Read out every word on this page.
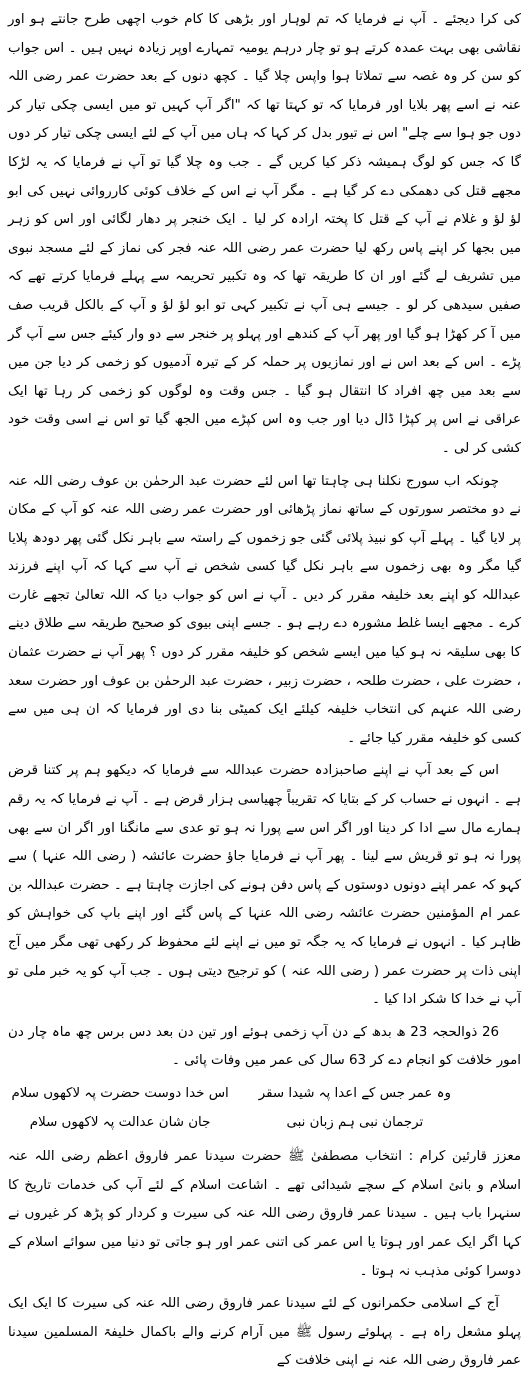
کی کرا دیجئے ۔ آپ نے فرمایا کہ تم لوہار اور بڑھی کا کام خوب اچھی طرح جانتے ہو اور نقاشی بھی بہت عمدہ کرتے ہو تو چار درہم یومیہ تمہارے اوپر زیادہ نہیں ہیں ۔ اس جواب کو سن کر وہ غصہ سے تملاتا ہوا واپس چلا گیا ۔ کچھ دنوں کے بعد حضرت عمر رضی اللہ عنہ نے اسے پھر بلایا اور فرمایا کہ تو کہتا تھا کہ "اگر آپ کہیں تو میں ایسی چکی تیار کر دوں جو ہوا سے چلے" اس نے تیور بدل کر کہا کہ ہاں میں آپ کے لئے ایسی چکی تیار کر دوں گا کہ جس کو لوگ ہمیشہ ذکر کیا کریں گے ۔ جب وہ چلا گیا تو آپ نے فرمایا کہ یہ لڑکا مجھے قتل کی دھمکی دے کر گیا ہے ۔ مگر آپ نے اس کے خلاف کوئی کارروائی نہیں کی ابو لؤ لؤ و غلام نے آپ کے قتل کا پختہ ارادہ کر لیا ۔ ایک خنجر پر دھار لگائی اور اس کو زہر میں بجھا کر اپنے پاس رکھ لیا حضرت عمر رضی اللہ عنہ فجر کی نماز کے لئے مسجد نبوی میں تشریف لے گئے اور ان کا طریقہ تھا کہ وہ تکبیر تحریمہ سے پہلے فرمایا کرتے تھے کہ صفیں سیدھی کر لو ۔ جیسے ہی آپ نے تکبیر کہی تو ابو لؤ لؤ و آپ کے بالکل قریب صف میں آ کر کھڑا ہو گیا اور پھر آپ کے کندھے اور پہلو پر خنجر سے دو وار کیئے جس سے آپ گر پڑے ۔ اس کے بعد اس نے اور نمازیوں پر حملہ کر کے تیرہ آدمیوں کو زخمی کر دیا جن میں سے بعد میں چھ افراد کا انتقال ہو گیا ۔ جس وقت وہ لوگوں کو زخمی کر رہا تھا ایک عراقی نے اس پر کپڑا ڈال دیا اور جب وہ اس کپڑے میں الجھ گیا تو اس نے اسی وقت خود کشی کر لی ۔

چونکہ اب سورج نکلنا ہی چاہتا تھا اس لئے حضرت عبد الرحمٰن بن عوف رضی اللہ عنہ نے دو مختصر سورتوں کے ساتھ نماز پڑھائی اور حضرت عمر رضی اللہ عنہ کو آپ کے مکان پر لایا گیا ۔ پہلے آپ کو نبیذ پلائی گئی جو زخموں کے راستہ سے باہر نکل گئی پھر دودھ پلایا گیا مگر وہ بھی زخموں سے باہر نکل گیا کسی شخص نے آپ سے کہا کہ آپ اپنے فرزند عبداللہ کو اپنے بعد خلیفہ مقرر کر دیں ۔ آپ نے اس کو جواب دیا کہ اللہ تعالیٰ تجھے غارت کرے ۔ مجھے ایسا غلط مشورہ دے رہے ہو ۔ جسے اپنی بیوی کو صحیح طریقہ سے طلاق دینے کا بھی سلیقہ نہ ہو کیا میں ایسے شخص کو خلیفہ مقرر کر دوں ؟ پھر آپ نے حضرت عثمان ، حضرت علی ، حضرت طلحہ ، حضرت زبیر ، حضرت عبد الرحمٰن بن عوف اور حضرت سعد رضی اللہ عنہم کی انتخاب خلیفہ کیلئے ایک کمیٹی بنا دی اور فرمایا کہ ان ہی میں سے کسی کو خلیفہ مقرر کیا جائے ۔

اس کے بعد آپ نے اپنے صاحبزادہ حضرت عبداللہ سے فرمایا کہ دیکھو ہم پر کتنا قرض ہے ۔ انہوں نے حساب کر کے بتایا کہ تقریباً چھیاسی ہزار قرض ہے ۔ آپ نے فرمایا کہ یہ رقم ہمارے مال سے ادا کر دینا اور اگر اس سے پورا نہ ہو تو عدی سے مانگنا اور اگر ان سے بھی پورا نہ ہو تو قریش سے لینا ۔ پھر آپ نے فرمایا جاؤ حضرت عائشہ ( رضی اللہ عنہا ) سے کہو کہ عمر اپنے دونوں دوستوں کے پاس دفن ہونے کی اجازت چاہتا ہے ۔ حضرت عبداللہ بن عمر ام المؤمنین حضرت عائشہ رضی اللہ عنہا کے پاس گئے اور اپنے باپ کی خواہش کو ظاہر کیا ۔ انہوں نے فرمایا کہ یہ جگہ تو میں نے اپنے لئے محفوظ کر رکھی تھی مگر میں آج اپنی ذات پر حضرت عمر ( رضی اللہ عنہ ) کو ترجیح دیتی ہوں ۔ جب آپ کو یہ خبر ملی تو آپ نے خدا کا شکر ادا کیا ۔

26 ذوالحجہ 23 ھ بدھ کے دن آپ زخمی ہوئے اور تین دن بعد دس برس چھ ماہ چار دن امور خلافت کو انجام دے کر 63 سال کی عمر میں وفات پائی ۔

وہ عمر جس کے اعدا پہ شیدا سقر
اس خدا دوست حضرت پہ لاکھوں سلام
ترجمان نبی ہم زبان نبی
جان شان عدالت پہ لاکھوں سلام

معزز قارئین کرام : انتخاب مصطفیٰ ﷺ حضرت سیدنا عمر فاروق اعظم رضی اللہ عنہ اسلام و بانئ اسلام کے سچے شیدائی تھے ۔ اشاعت اسلام کے لئے آپ کی خدمات تاریخ کا سنہرا باب ہیں ۔ سیدنا عمر فاروق رضی اللہ عنہ کی سیرت و کردار کو پڑھ کر غیروں نے کہا اگر ایک عمر اور ہوتا یا اس عمر کی اتنی عمر اور ہو جاتی تو دنیا میں سوائے اسلام کے دوسرا کوئی مذہب نہ ہوتا ۔

آج کے اسلامی حکمرانوں کے لئے سیدنا عمر فاروق رضی اللہ عنہ کی سیرت کا ایک ایک پہلو مشعل راہ ہے ۔ پہلوئے رسول ﷺ میں آرام کرنے والے باکمال خلیفۃ المسلمین سیدنا عمر فاروق رضی اللہ عنہ نے اپنی خلافت کے
